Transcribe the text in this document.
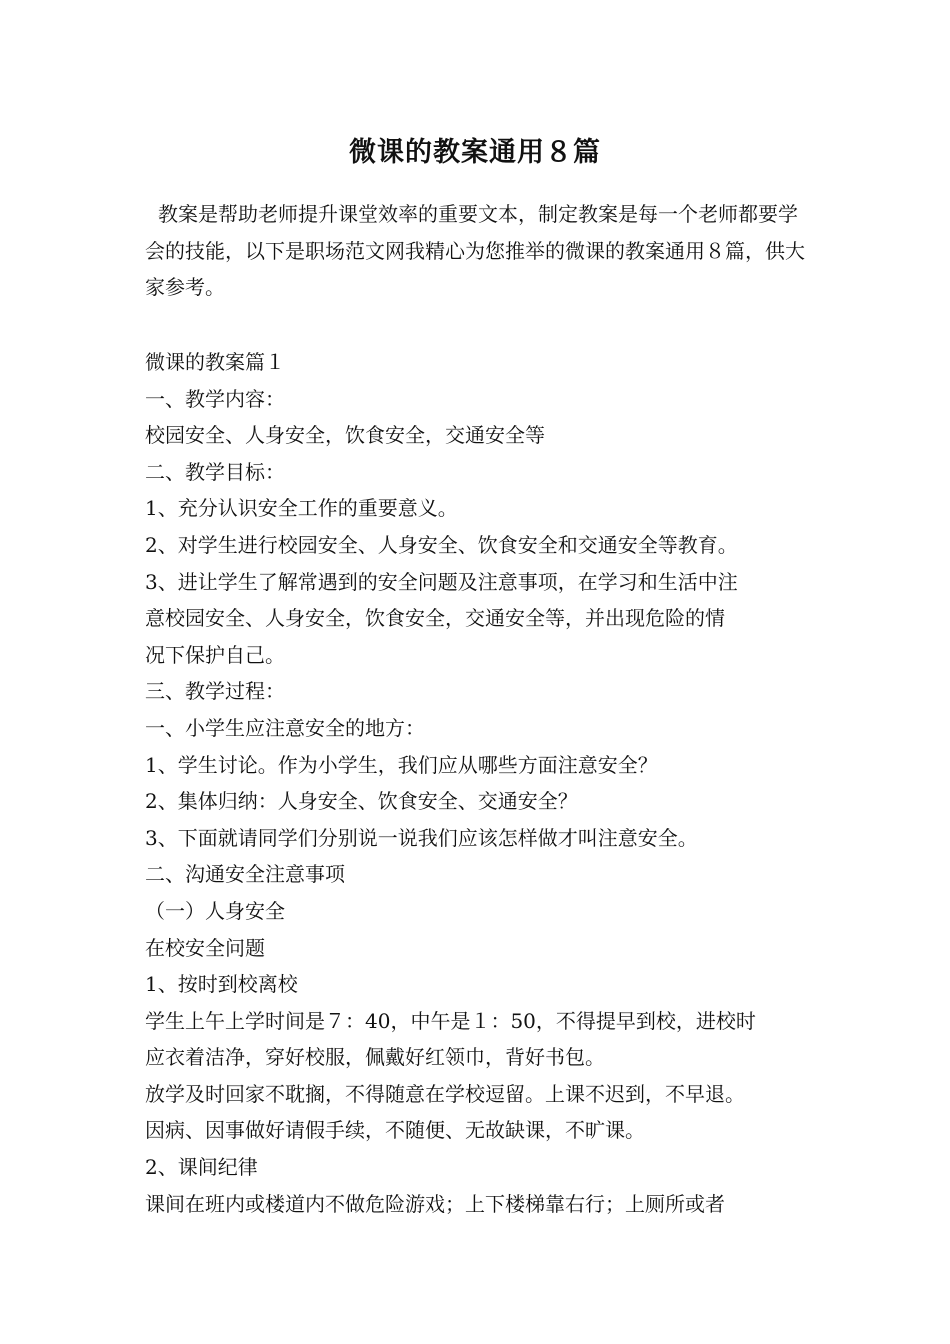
微课的教案通用８篇

教案是帮助老师提升课堂效率的重要文本，制定教案是每一个老师都要学会的技能，以下是职场范文网我精心为您推举的微课的教案通用８篇，供大家参考。

微课的教案篇１
一、教学内容：
校园安全、人身安全，饮食安全，交通安全等
二、教学目标：
1、充分认识安全工作的重要意义。
2、对学生进行校园安全、人身安全、饮食安全和交通安全等教育。
3、进让学生了解常遇到的安全问题及注意事项，在学习和生活中注
意校园安全、人身安全，饮食安全，交通安全等，并出现危险的情
况下保护自己。
三、教学过程：
一、小学生应注意安全的地方：
1、学生讨论。作为小学生，我们应从哪些方面注意安全？
2、集体归纳：人身安全、饮食安全、交通安全？
3、下面就请同学们分别说一说我们应该怎样做才叫注意安全。
二、沟通安全注意事项
（一）人身安全
在校安全问题
1、按时到校离校
学生上午上学时间是７：40，中午是１：50，不得提早到校，进校时
应衣着洁净，穿好校服，佩戴好红领巾，背好书包。
放学及时回家不耽搁，不得随意在学校逗留。上课不迟到，不早退。
因病、因事做好请假手续，不随便、无故缺课，不旷课。
2、课间纪律
课间在班内或楼道内不做危险游戏；上下楼梯靠右行；上厕所或者
